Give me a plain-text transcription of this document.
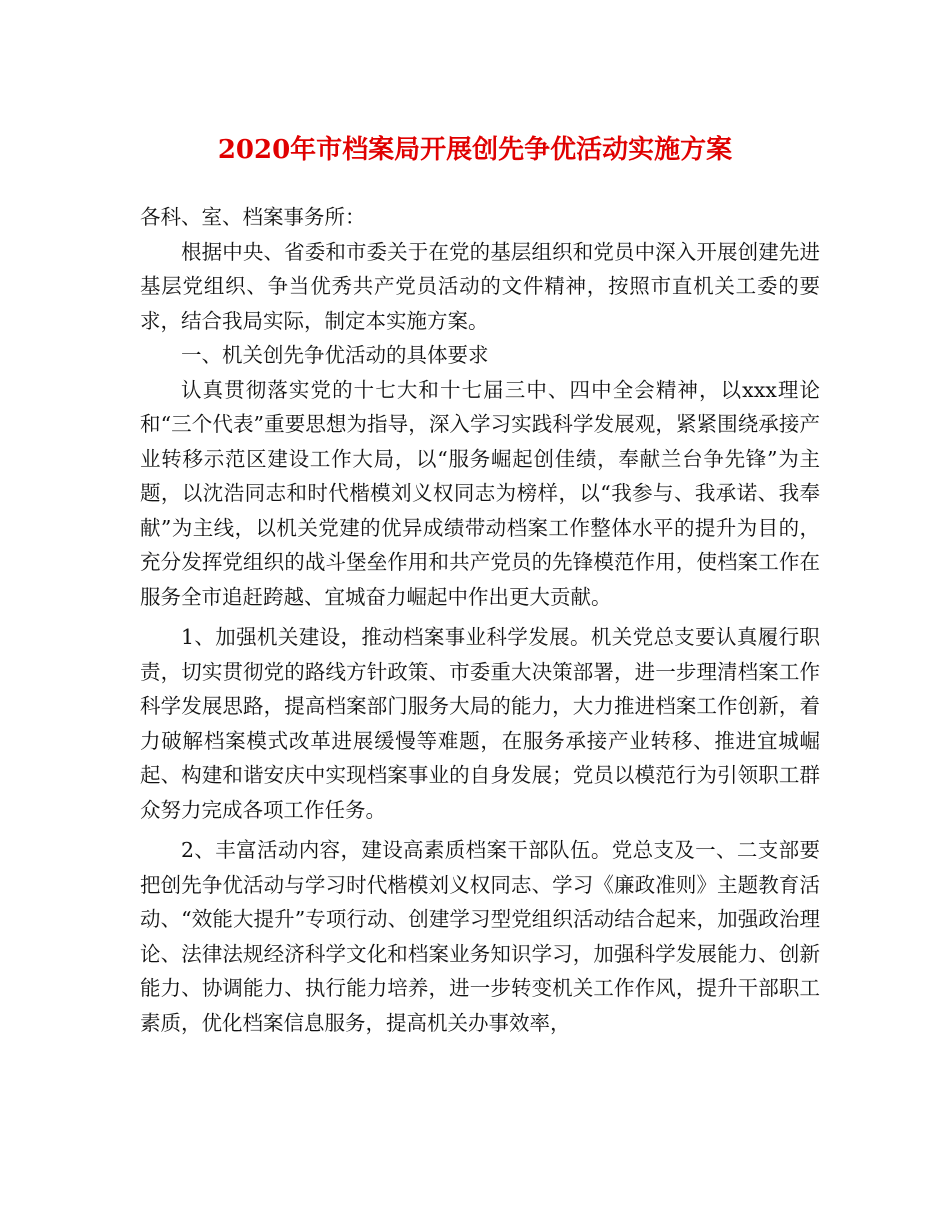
2020年市档案局开展创先争优活动实施方案

各科、室、档案事务所：

根据中央、省委和市委关于在党的基层组织和党员中深入开展创建先进基层党组织、争当优秀共产党员活动的文件精神，按照市直机关工委的要求，结合我局实际，制定本实施方案。

一、机关创先争优活动的具体要求

认真贯彻落实党的十七大和十七届三中、四中全会精神，以xxx理论和“三个代表”重要思想为指导，深入学习实践科学发展观，紧紧围绕承接产业转移示范区建设工作大局，以“服务崛起创佳绩，奉献兰台争先锋”为主题，以沈浩同志和时代楷模刘义权同志为榜样，以“我参与、我承诺、我奉献”为主线，以机关党建的优异成绩带动档案工作整体水平的提升为目的，充分发挥党组织的战斗堡垒作用和共产党员的先锋模范作用，使档案工作在服务全市追赶跨越、宜城奋力崛起中作出更大贡献。

1、加强机关建设，推动档案事业科学发展。机关党总支要认真履行职责，切实贯彻党的路线方针政策、市委重大决策部署，进一步理清档案工作科学发展思路，提高档案部门服务大局的能力，大力推进档案工作创新，着力破解档案模式改革进展缓慢等难题，在服务承接产业转移、推进宜城崛起、构建和谐安庆中实现档案事业的自身发展；党员以模范行为引领职工群众努力完成各项工作任务。

2、丰富活动内容，建设高素质档案干部队伍。党总支及一、二支部要把创先争优活动与学习时代楷模刘义权同志、学习《廉政准则》主题教育活动、“效能大提升”专项行动、创建学习型党组织活动结合起来，加强政治理论、法律法规经济科学文化和档案业务知识学习，加强科学发展能力、创新能力、协调能力、执行能力培养，进一步转变机关工作作风，提升干部职工素质，优化档案信息服务，提高机关办事效率，
